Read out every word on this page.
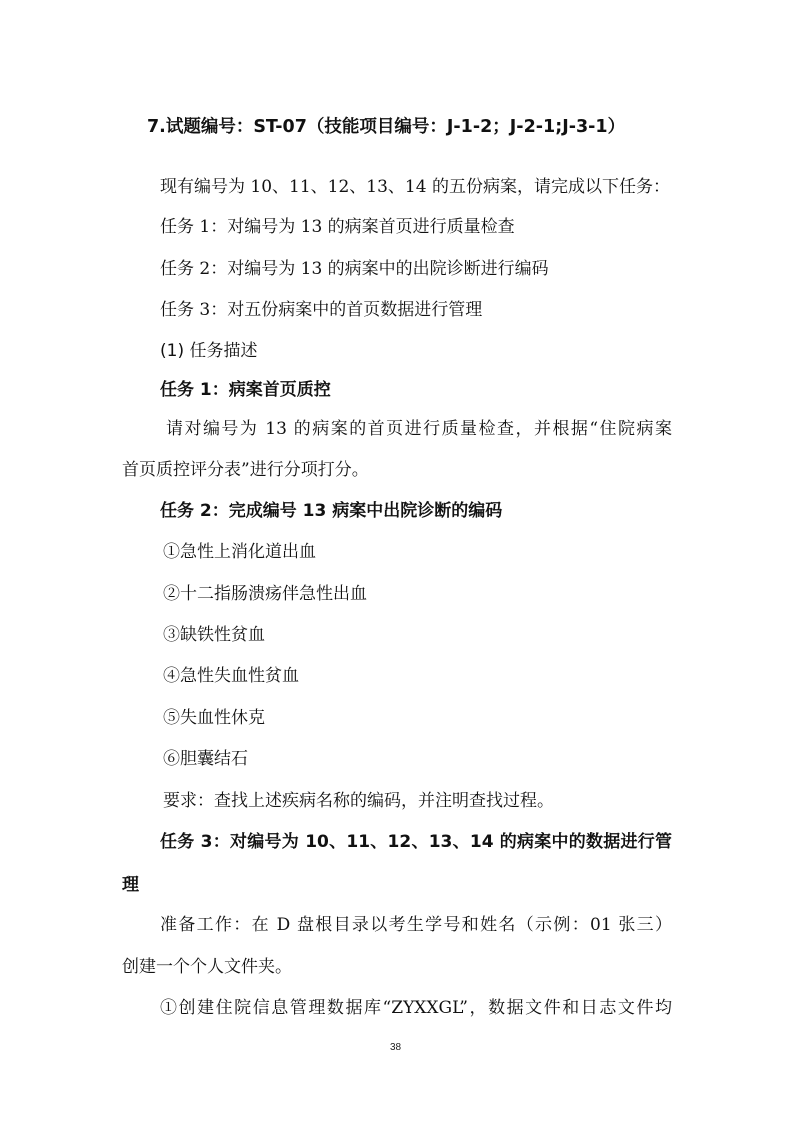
7.试题编号：ST-07（技能项目编号：J-1-2；J-2-1;J-3-1）
现有编号为 10、11、12、13、14 的五份病案，请完成以下任务：
任务 1：对编号为 13 的病案首页进行质量检查
任务 2：对编号为 13 的病案中的出院诊断进行编码
任务 3：对五份病案中的首页数据进行管理
(1) 任务描述
任务 1：病案首页质控
请对编号为 13 的病案的首页进行质量检查，并根据“住院病案
首页质控评分表”进行分项打分。
任务 2：完成编号 13 病案中出院诊断的编码
①急性上消化道出血
②十二指肠溃疡伴急性出血
③缺铁性贫血
④急性失血性贫血
⑤失血性休克
⑥胆囊结石
要求：查找上述疾病名称的编码，并注明查找过程。
任务 3：对编号为 10、11、12、13、14 的病案中的数据进行管
理
准备工作：在 D 盘根目录以考生学号和姓名（示例：01 张三）
创建一个个人文件夹。
①创建住院信息管理数据库“ZYXXGL”，数据文件和日志文件均
38
